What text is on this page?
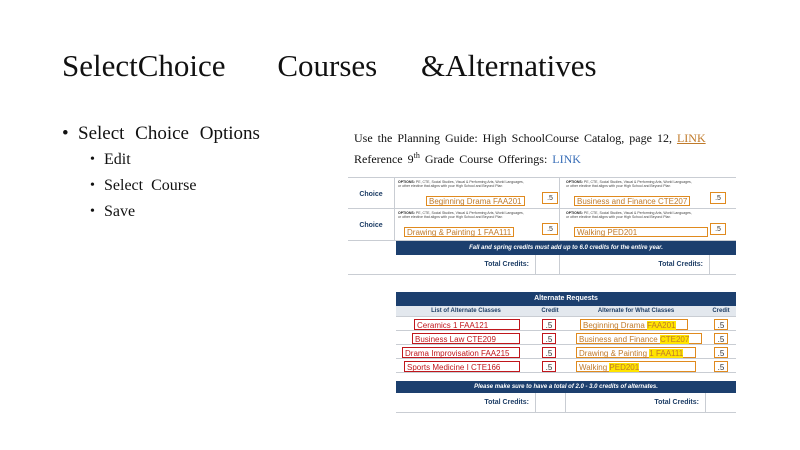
SelectChoice Courses &Alternatives
• Select Choice Options
• Edit
• Select Course
• Save
Use the Planning Guide: High SchoolCourse Catalog, page 12, LINK
Reference 9th Grade Course Offerings: LINK
Choice
OPTIONS: PE, CTE, Social Studies, Visual & Performing Arts, World Languages, or other elective that aligns with your High School and Beyond Plan
Beginning Drama FAA201	.5
OPTIONS: PE, CTE, Social Studies, Visual & Performing Arts, World Languages, or other elective that aligns with your High School and Beyond Plan
Business and Finance CTE207	.5
Choice
OPTIONS: PE, CTE, Social Studies, Visual & Performing Arts, World Languages, or other elective that aligns with your High School and Beyond Plan
Drawing & Painting 1 FAA111	.5
OPTIONS: PE, CTE, Social Studies, Visual & Performing Arts, World Languages, or other elective that aligns with your High School and Beyond Plan
Walking PED201	.5
Fall and spring credits must add up to 6.0 credits for the entire year.
Total Credits:	Total Credits:
Alternate Requests
List of Alternate Classes	Credit	Alternate for What Classes	Credit
Ceramics 1 FAA121	.5	Beginning Drama FAA201	.5
Business Law CTE209	.5	Business and Finance CTE207	.5
Drama Improvisation FAA215	.5	Drawing & Painting 1 FAA111	.5
Sports Medicine I CTE166	.5	Walking PED201	.5
Please make sure to have a total of 2.0 - 3.0 credits of alternates.
Total Credits:	Total Credits:
